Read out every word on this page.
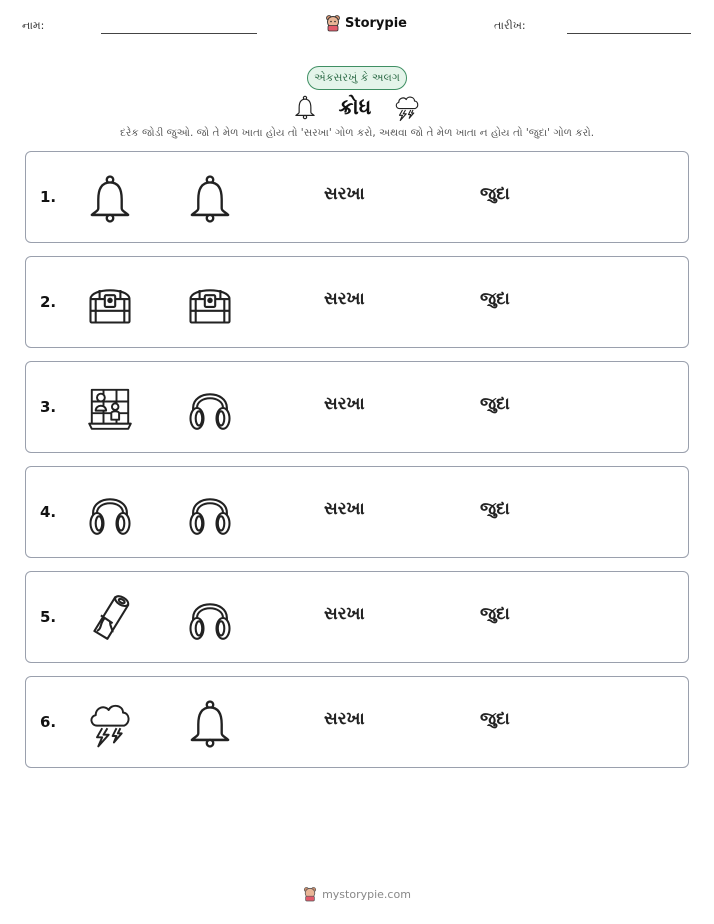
નામ:	Storypie	તારીખ:
એકસરખું કે અલગ
ક્રોધ
દરેક જોડી જુઓ. જો તે મેળ ખાતા હોય તો 'સરખા' ગોળ કરો, અથવા જો તે મેળ ખાતા ન હોય તો 'જુદા' ગોળ કરો.
1.	સરખા	જુદા
2.	સરખા	જુદા
3.	સરખા	જુદા
4.	સરખા	જુદા
5.	સરખા	જુદા
6.	સરખા	જુદા
mystorypie.com
